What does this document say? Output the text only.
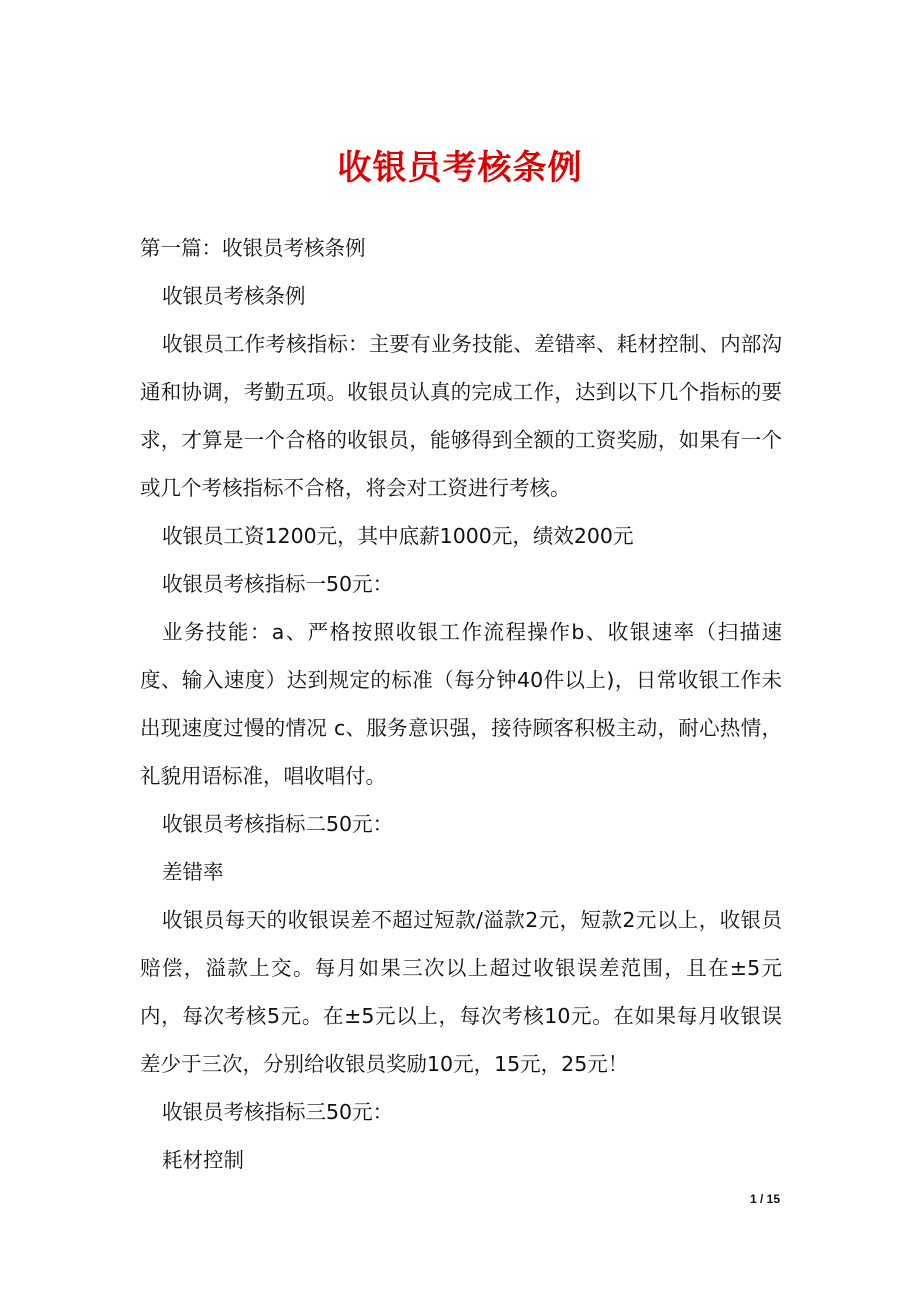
收银员考核条例

第一篇：收银员考核条例

收银员考核条例

收银员工作考核指标：主要有业务技能、差错率、耗材控制、内部沟通和协调，考勤五项。收银员认真的完成工作，达到以下几个指标的要求，才算是一个合格的收银员，能够得到全额的工资奖励，如果有一个或几个考核指标不合格，将会对工资进行考核。

收银员工资1200元，其中底薪1000元，绩效200元

收银员考核指标一50元：

业务技能：a、严格按照收银工作流程操作b、收银速率（扫描速度、输入速度）达到规定的标准（每分钟40件以上)，日常收银工作未出现速度过慢的情况 c、服务意识强，接待顾客积极主动，耐心热情，礼貌用语标准，唱收唱付。

收银员考核指标二50元：

差错率

收银员每天的收银误差不超过短款/溢款2元，短款2元以上，收银员赔偿，溢款上交。每月如果三次以上超过收银误差范围，且在±5元内，每次考核5元。在±5元以上，每次考核10元。在如果每月收银误差少于三次，分别给收银员奖励10元，15元，25元！

收银员考核指标三50元：

耗材控制

1 / 15
